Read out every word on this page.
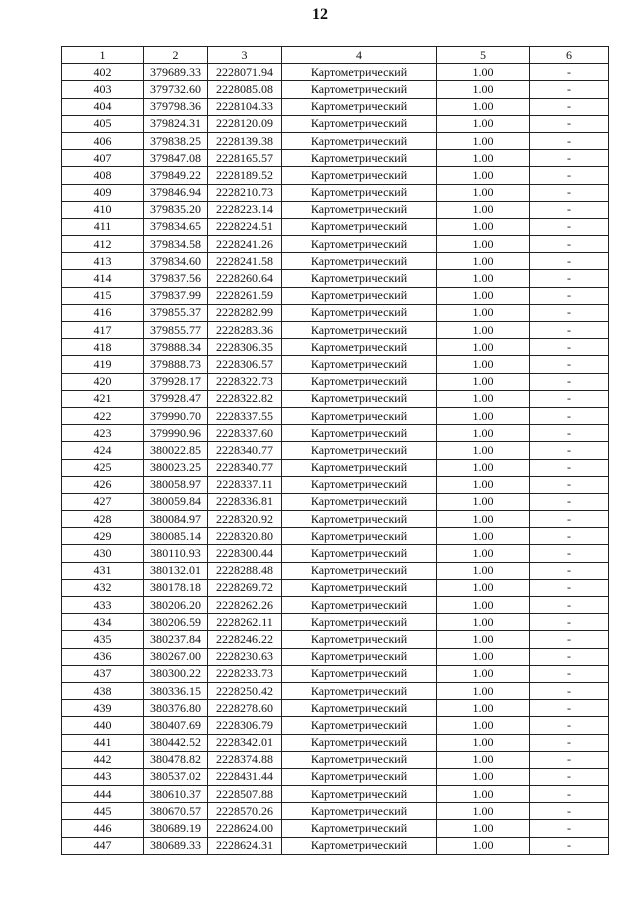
12
1	2	3	4	5	6
402	379689.33	2228071.94	Картометрический	1.00	-
403	379732.60	2228085.08	Картометрический	1.00	-
404	379798.36	2228104.33	Картометрический	1.00	-
405	379824.31	2228120.09	Картометрический	1.00	-
406	379838.25	2228139.38	Картометрический	1.00	-
407	379847.08	2228165.57	Картометрический	1.00	-
408	379849.22	2228189.52	Картометрический	1.00	-
409	379846.94	2228210.73	Картометрический	1.00	-
410	379835.20	2228223.14	Картометрический	1.00	-
411	379834.65	2228224.51	Картометрический	1.00	-
412	379834.58	2228241.26	Картометрический	1.00	-
413	379834.60	2228241.58	Картометрический	1.00	-
414	379837.56	2228260.64	Картометрический	1.00	-
415	379837.99	2228261.59	Картометрический	1.00	-
416	379855.37	2228282.99	Картометрический	1.00	-
417	379855.77	2228283.36	Картометрический	1.00	-
418	379888.34	2228306.35	Картометрический	1.00	-
419	379888.73	2228306.57	Картометрический	1.00	-
420	379928.17	2228322.73	Картометрический	1.00	-
421	379928.47	2228322.82	Картометрический	1.00	-
422	379990.70	2228337.55	Картометрический	1.00	-
423	379990.96	2228337.60	Картометрический	1.00	-
424	380022.85	2228340.77	Картометрический	1.00	-
425	380023.25	2228340.77	Картометрический	1.00	-
426	380058.97	2228337.11	Картометрический	1.00	-
427	380059.84	2228336.81	Картометрический	1.00	-
428	380084.97	2228320.92	Картометрический	1.00	-
429	380085.14	2228320.80	Картометрический	1.00	-
430	380110.93	2228300.44	Картометрический	1.00	-
431	380132.01	2228288.48	Картометрический	1.00	-
432	380178.18	2228269.72	Картометрический	1.00	-
433	380206.20	2228262.26	Картометрический	1.00	-
434	380206.59	2228262.11	Картометрический	1.00	-
435	380237.84	2228246.22	Картометрический	1.00	-
436	380267.00	2228230.63	Картометрический	1.00	-
437	380300.22	2228233.73	Картометрический	1.00	-
438	380336.15	2228250.42	Картометрический	1.00	-
439	380376.80	2228278.60	Картометрический	1.00	-
440	380407.69	2228306.79	Картометрический	1.00	-
441	380442.52	2228342.01	Картометрический	1.00	-
442	380478.82	2228374.88	Картометрический	1.00	-
443	380537.02	2228431.44	Картометрический	1.00	-
444	380610.37	2228507.88	Картометрический	1.00	-
445	380670.57	2228570.26	Картометрический	1.00	-
446	380689.19	2228624.00	Картометрический	1.00	-
447	380689.33	2228624.31	Картометрический	1.00	-
